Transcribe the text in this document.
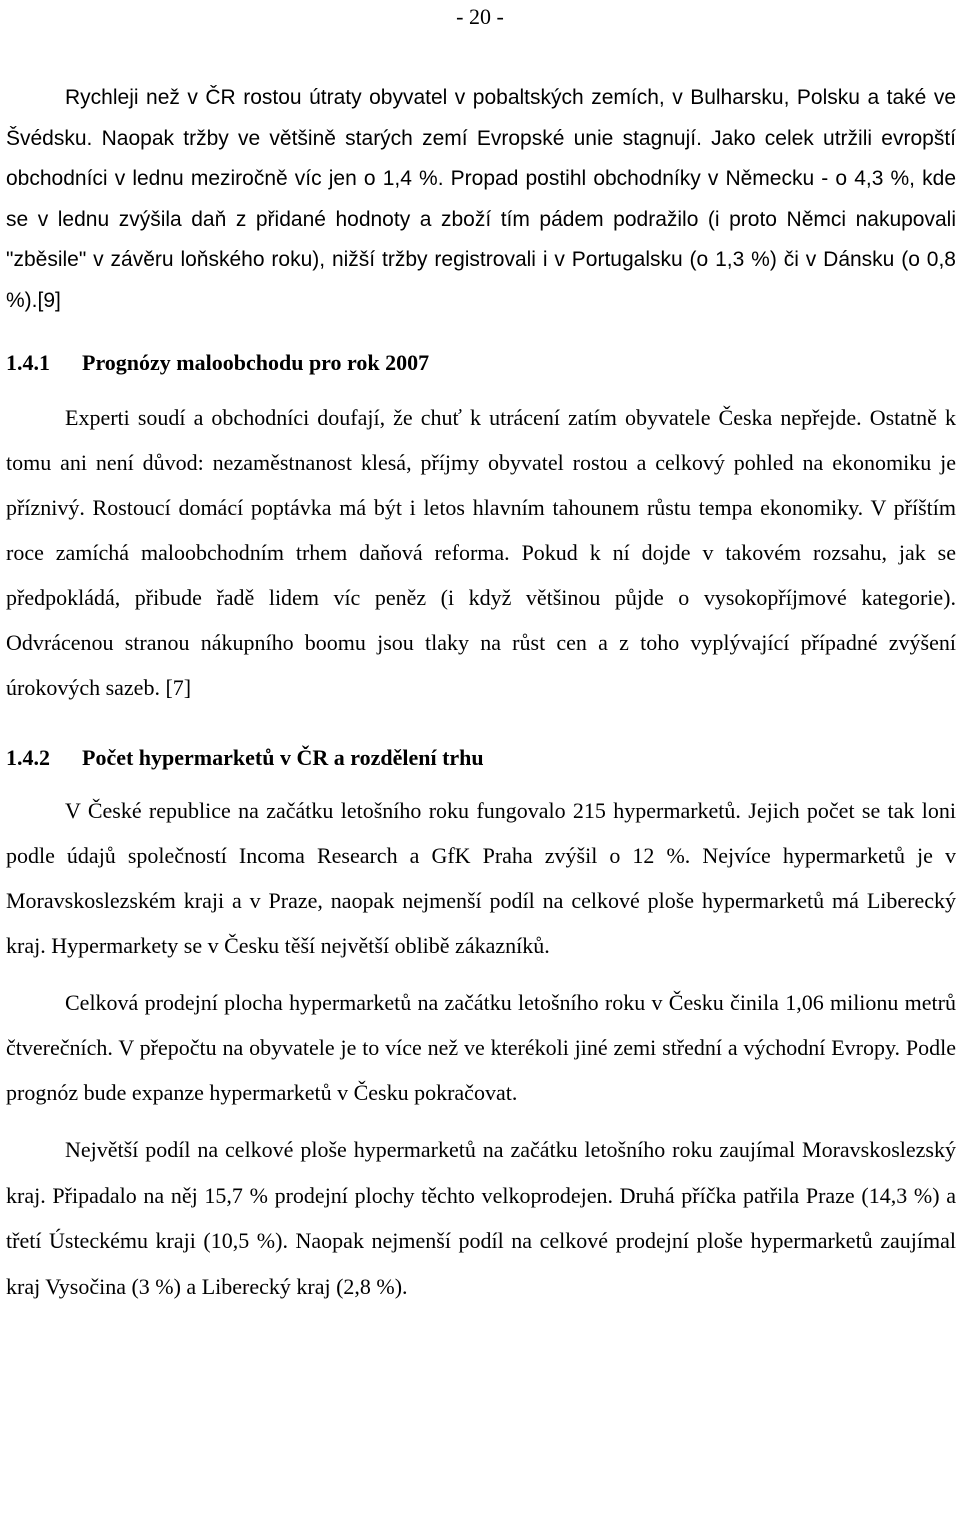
- 20 -

Rychleji než v ČR rostou útraty obyvatel v pobaltských zemích, v Bulharsku, Polsku a také ve Švédsku. Naopak tržby ve většině starých zemí Evropské unie stagnují. Jako celek utržili evropští obchodníci v lednu meziročně víc jen o 1,4 %. Propad postihl obchodníky v Německu - o 4,3 %, kde se v lednu zvýšila daň z přidané hodnoty a zboží tím pádem podražilo (i proto Němci nakupovali "zběsile" v závěru loňského roku), nižší tržby registrovali i v Portugalsku (o 1,3 %) či v Dánsku (o 0,8 %).[9]

1.4.1 Prognózy maloobchodu pro rok 2007

Experti soudí a obchodníci doufají, že chuť k utrácení zatím obyvatele Česka nepřejde. Ostatně k tomu ani není důvod: nezaměstnanost klesá, příjmy obyvatel rostou a celkový pohled na ekonomiku je příznivý. Rostoucí domácí poptávka má být i letos hlavním tahounem růstu tempa ekonomiky. V příštím roce zamíchá maloobchodním trhem daňová reforma. Pokud k ní dojde v takovém rozsahu, jak se předpokládá, přibude řadě lidem víc peněz (i když většinou půjde o vysokopříjmové kategorie). Odvrácenou stranou nákupního boomu jsou tlaky na růst cen a z toho vyplývající případné zvýšení úrokových sazeb. [7]

1.4.2 Počet hypermarketů v ČR a rozdělení trhu

V České republice na začátku letošního roku fungovalo 215 hypermarketů. Jejich počet se tak loni podle údajů společností Incoma Research a GfK Praha zvýšil o 12 %. Nejvíce hypermarketů je v Moravskoslezském kraji a v Praze, naopak nejmenší podíl na celkové ploše hypermarketů má Liberecký kraj. Hypermarkety se v Česku těší největší oblibě zákazníků.

Celková prodejní plocha hypermarketů na začátku letošního roku v Česku činila 1,06 milionu metrů čtverečních. V přepočtu na obyvatele je to více než ve kterékoli jiné zemi střední a východní Evropy. Podle prognóz bude expanze hypermarketů v Česku pokračovat.

Největší podíl na celkové ploše hypermarketů na začátku letošního roku zaujímal Moravskoslezský kraj. Připadalo na něj 15,7 % prodejní plochy těchto velkoprodejen. Druhá příčka patřila Praze (14,3 %) a třetí Ústeckému kraji (10,5 %). Naopak nejmenší podíl na celkové prodejní ploše hypermarketů zaujímal kraj Vysočina (3 %) a Liberecký kraj (2,8 %).
